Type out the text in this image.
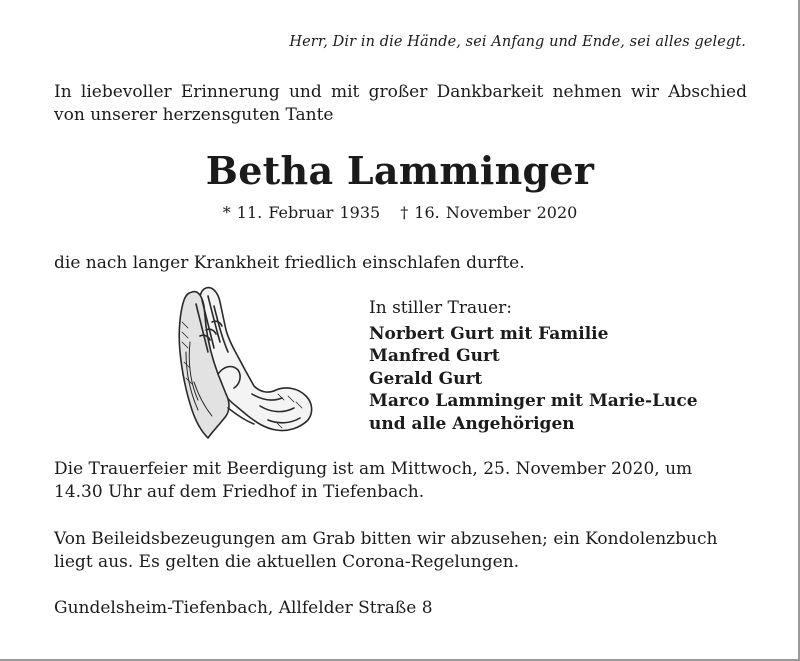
Herr, Dir in die Hände, sei Anfang und Ende, sei alles gelegt.
In liebevoller Erinnerung und mit großer Dankbarkeit nehmen wir Abschied
von unserer herzensguten Tante
Betha Lamminger
* 11. Februar 1935 † 16. November 2020
die nach langer Krankheit friedlich einschlafen durfte.
In stiller Trauer:
Norbert Gurt mit Familie
Manfred Gurt
Gerald Gurt
Marco Lamminger mit Marie-Luce
und alle Angehörigen
Die Trauerfeier mit Beerdigung ist am Mittwoch, 25. November 2020, um
14.30 Uhr auf dem Friedhof in Tiefenbach.
Von Beileidsbezeugungen am Grab bitten wir abzusehen; ein Kondolenzbuch
liegt aus. Es gelten die aktuellen Corona-Regelungen.
Gundelsheim-Tiefenbach, Allfelder Straße 8
